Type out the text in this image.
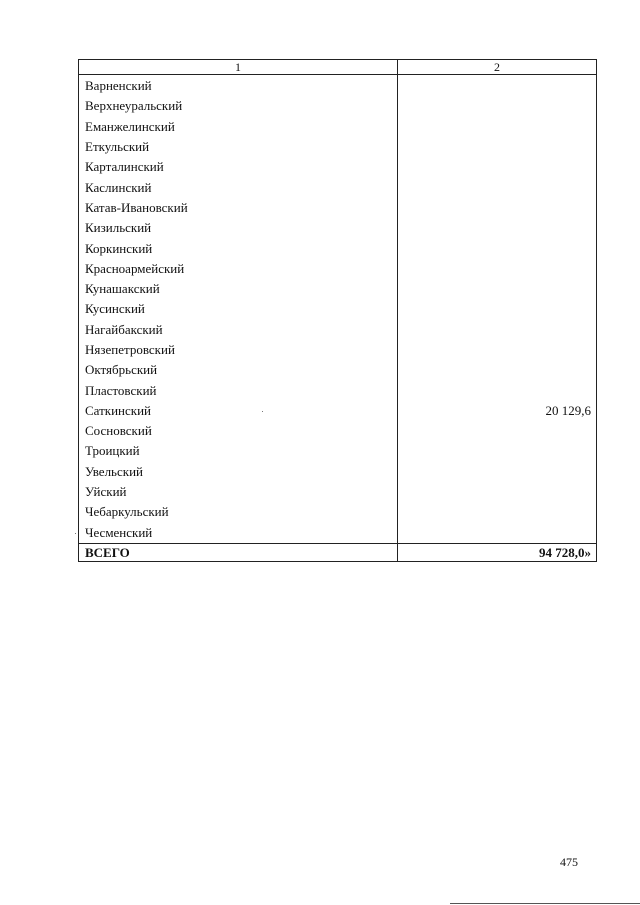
1	2
Варненский	
Верхнеуральский	
Еманжелинский	
Еткульский	
Карталинский	
Каслинский	
Катав-Ивановский	
Кизильский	
Коркинский	
Красноармейский	
Кунашакский	
Кусинский	
Нагайбакский	
Нязепетровский	
Октябрьский	
Пластовский	
Саткинский	20 129,6
Сосновский	
Троицкий	
Увельский	
Уйский	
Чебаркульский	
Чесменский	
ВСЕГО	94 728,0»
475
